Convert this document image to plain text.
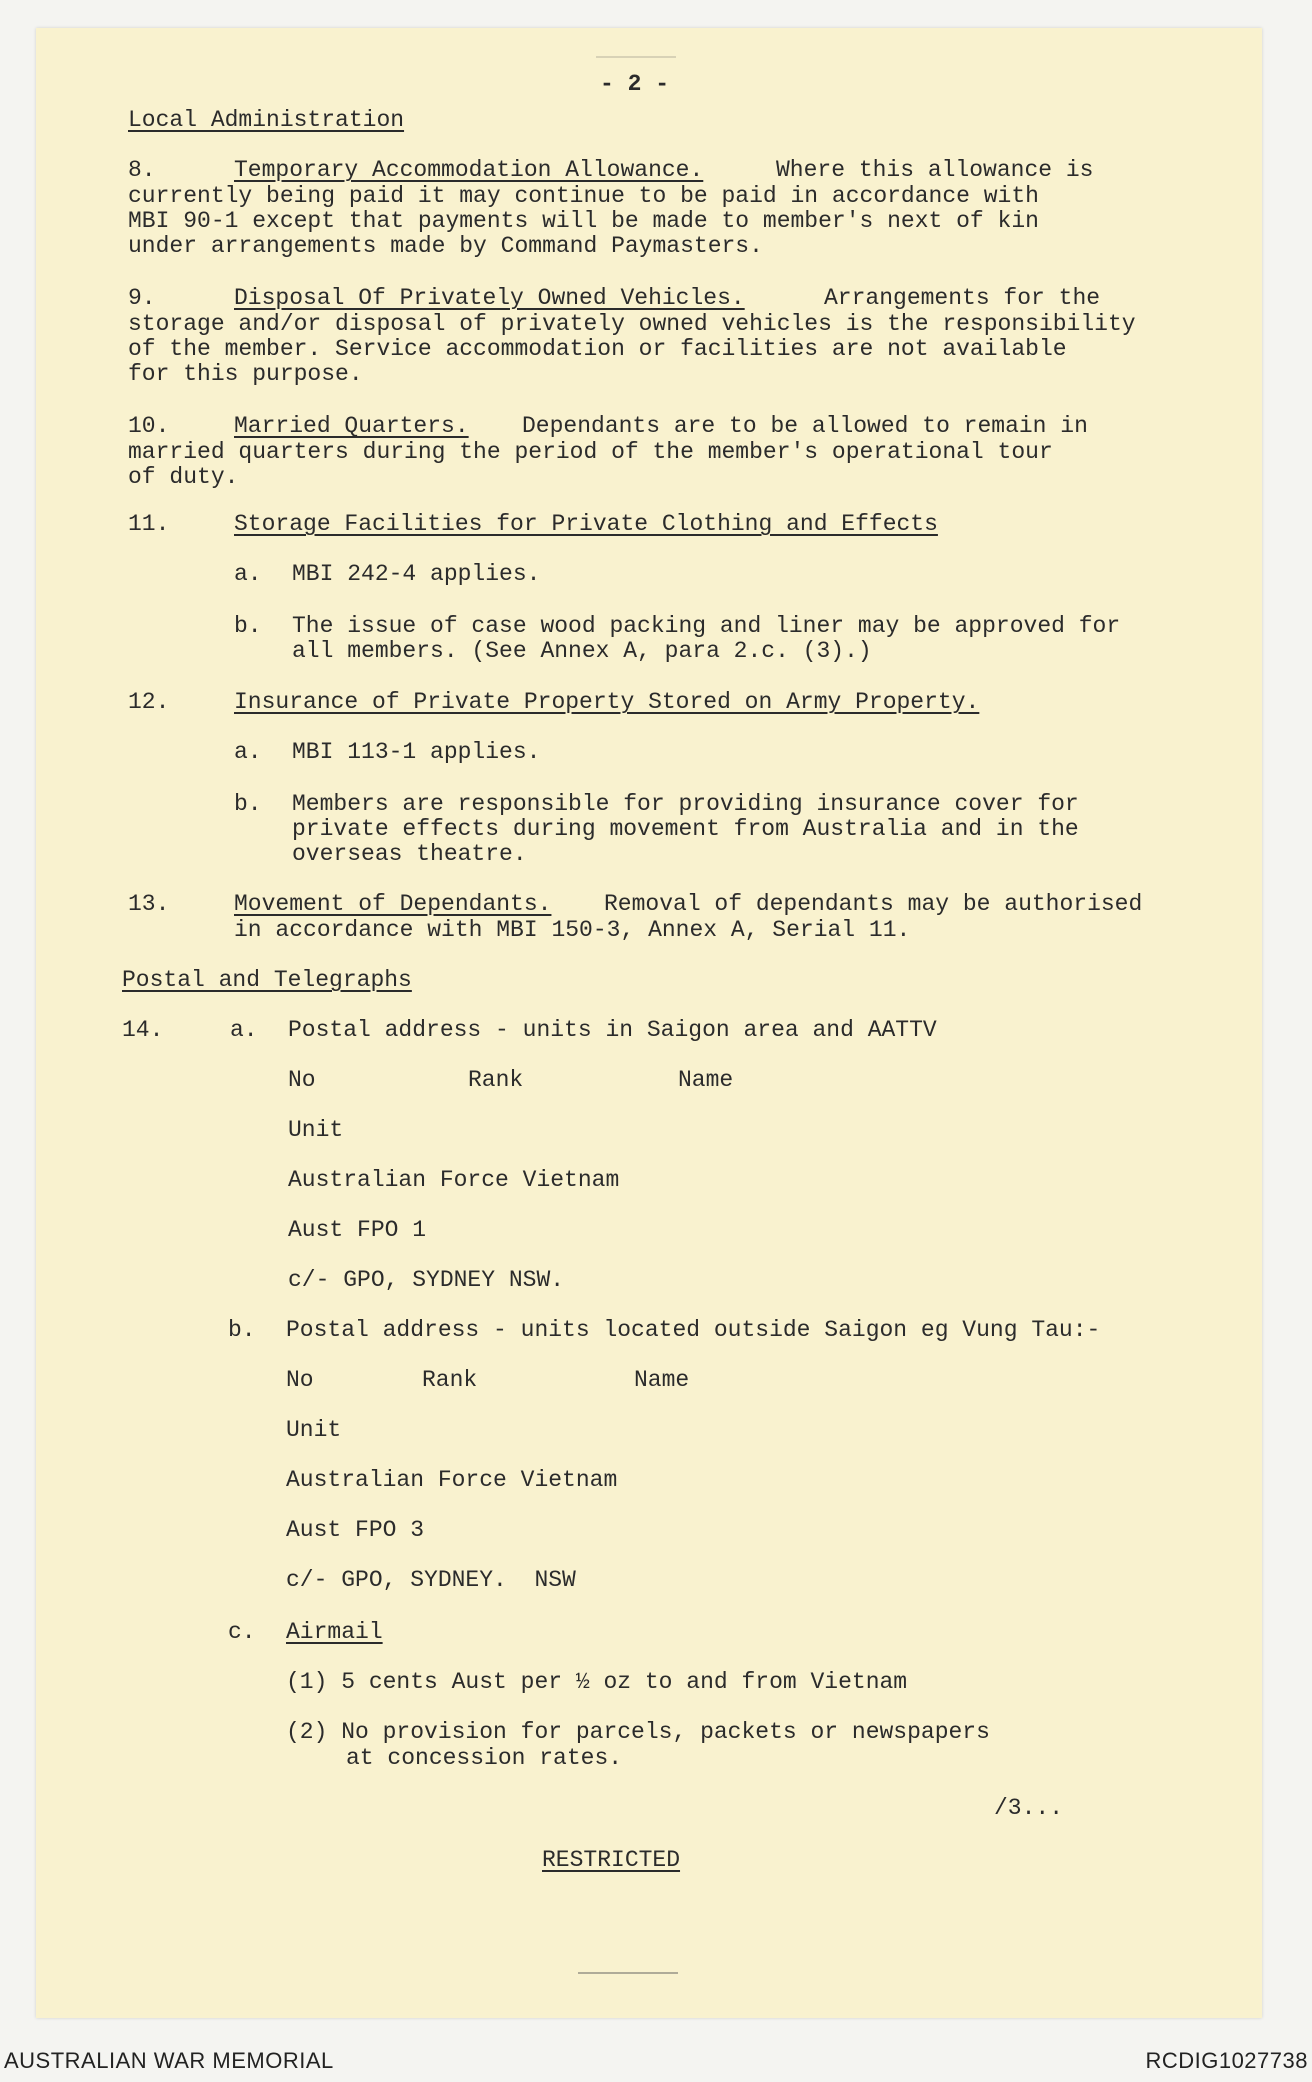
- 2 -

Local Administration

8.	Temporary Accommodation Allowance.	Where this allowance is

currently being paid it may continue to be paid in accordance with
MBI 90-1 except that payments will be made to member's next of kin
under arrangements made by Command Paymasters.

9.	Disposal Of Privately Owned Vehicles.	Arrangements for the

storage and/or disposal of privately owned vehicles is the responsibility
of the member. Service accommodation or facilities are not available
for this purpose.

10.	Married Quarters. Dependants are to be allowed to remain in

married quarters during the period of the member's operational tour
of duty.

11.	Storage Facilities for Private Clothing and Effects

a. MBI 242-4 applies.

b. The issue of case wood packing and liner may be approved for
all members. (See Annex A, para 2.c. (3).)

12.	Insurance of Private Property Stored on Army Property.

a. MBI 113-1 applies.

b. Members are responsible for providing insurance cover for
private effects during movement from Australia and in the
overseas theatre.

13.	Movement of Dependants. Removal of dependants may be authorised

in accordance with MBI 150-3, Annex A, Serial 11.

Postal and Telegraphs

14.	a. Postal address - units in Saigon area and AATTV

No	Rank	Name

Unit

Australian Force Vietnam

Aust FPO 1

c/- GPO, SYDNEY NSW.

b. Postal address - units located outside Saigon eg Vung Tau:-

No	Rank	Name

Unit

Australian Force Vietnam

Aust FPO 3

c/- GPO, SYDNEY.  NSW

c. Airmail

(1) 5 cents Aust per ½ oz to and from Vietnam

(2) No provision for parcels, packets or newspapers

at concession rates.

/3...

RESTRICTED

AUSTRALIAN WAR MEMORIAL	RCDIG1027738
